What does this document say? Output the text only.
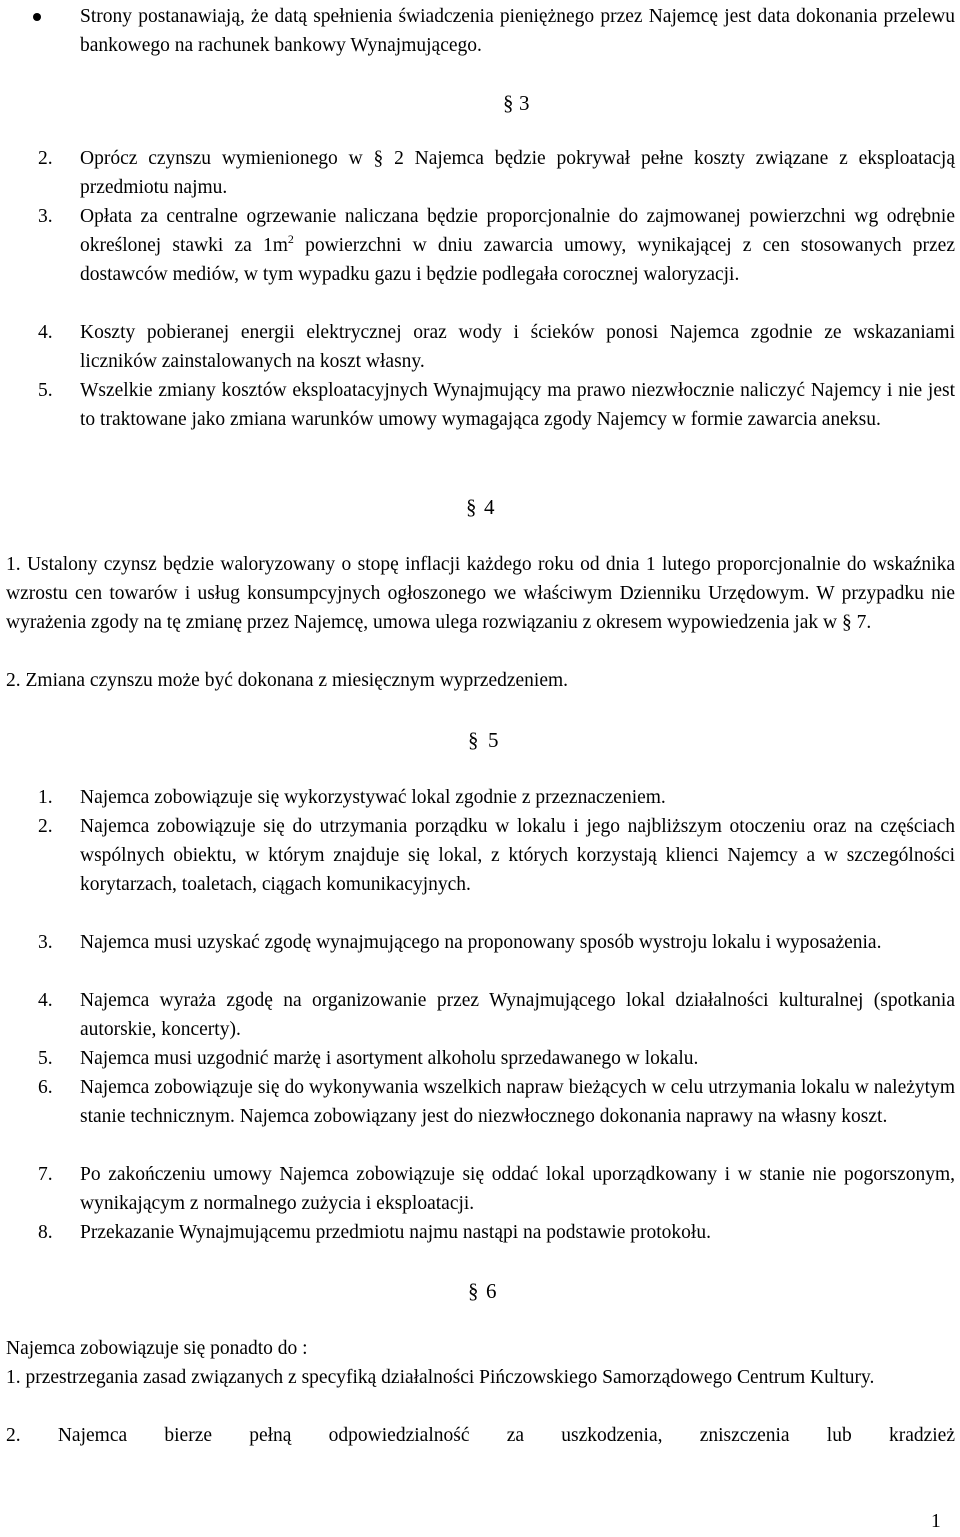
Strony postanawiają, że datą spełnienia świadczenia pieniężnego przez Najemcę jest data dokonania przelewu bankowego na rachunek bankowy Wynajmującego.
§ 3
2. Oprócz czynszu wymienionego w § 2 Najemca będzie pokrywał pełne koszty związane z eksploatacją przedmiotu najmu.
3. Opłata za centralne ogrzewanie naliczana będzie proporcjonalnie do zajmowanej powierzchni wg odrębnie określonej stawki za $1m^2$ powierzchni w dniu zawarcia umowy, wynikającej z cen stosowanych przez dostawców mediów, w tym wypadku gazu i będzie podlegała corocznej waloryzacji.
4. Koszty pobieranej energii elektrycznej oraz wody i ścieków ponosi Najemca zgodnie ze wskazaniami liczników zainstalowanych na koszt własny.
5. Wszelkie zmiany kosztów eksploatacyjnych Wynajmujący ma prawo niezwłocznie naliczyć Najemcy i nie jest to traktowane jako zmiana warunków umowy wymagająca zgody Najemcy w formie zawarcia aneksu.
§ 4
1. Ustalony czynsz będzie waloryzowany o stopę inflacji każdego roku od dnia 1 lutego proporcjonalnie do wskaźnika wzrostu cen towarów i usług konsumpcyjnych ogłoszonego we właściwym Dzienniku Urzędowym. W przypadku nie wyrażenia zgody na tę zmianę przez Najemcę, umowa ulega rozwiązaniu z okresem wypowiedzenia jak w § 7.
2. Zmiana czynszu może być dokonana z miesięcznym wyprzedzeniem.
§ 5
1. Najemca zobowiązuje się wykorzystywać lokal zgodnie z przeznaczeniem.
2. Najemca zobowiązuje się do utrzymania porządku w lokalu i jego najbliższym otoczeniu oraz na częściach wspólnych obiektu, w którym znajduje się lokal, z których korzystają klienci Najemcy a w szczególności korytarzach, toaletach, ciągach komunikacyjnych.
3. Najemca musi uzyskać zgodę wynajmującego na proponowany sposób wystroju lokalu i wyposażenia.
4. Najemca wyraża zgodę na organizowanie przez Wynajmującego lokal działalności kulturalnej (spotkania autorskie, koncerty).
5. Najemca musi uzgodnić marżę i asortyment alkoholu sprzedawanego w lokalu.
6. Najemca zobowiązuje się do wykonywania wszelkich napraw bieżących w celu utrzymania lokalu w należytym stanie technicznym. Najemca zobowiązany jest do niezwłocznego dokonania naprawy na własny koszt.
7. Po zakończeniu umowy Najemca zobowiązuje się oddać lokal uporządkowany i w stanie nie pogorszonym, wynikającym z normalnego zużycia i eksploatacji.
8. Przekazanie Wynajmującemu przedmiotu najmu nastąpi na podstawie protokołu.
§ 6
Najemca zobowiązuje się ponadto do :
1. przestrzegania zasad związanych z specyfiką działalności Pińczowskiego Samorządowego Centrum Kultury.
2. Najemca bierze pełną odpowiedzialność za uszkodzenia, zniszczenia lub kradzież
1
